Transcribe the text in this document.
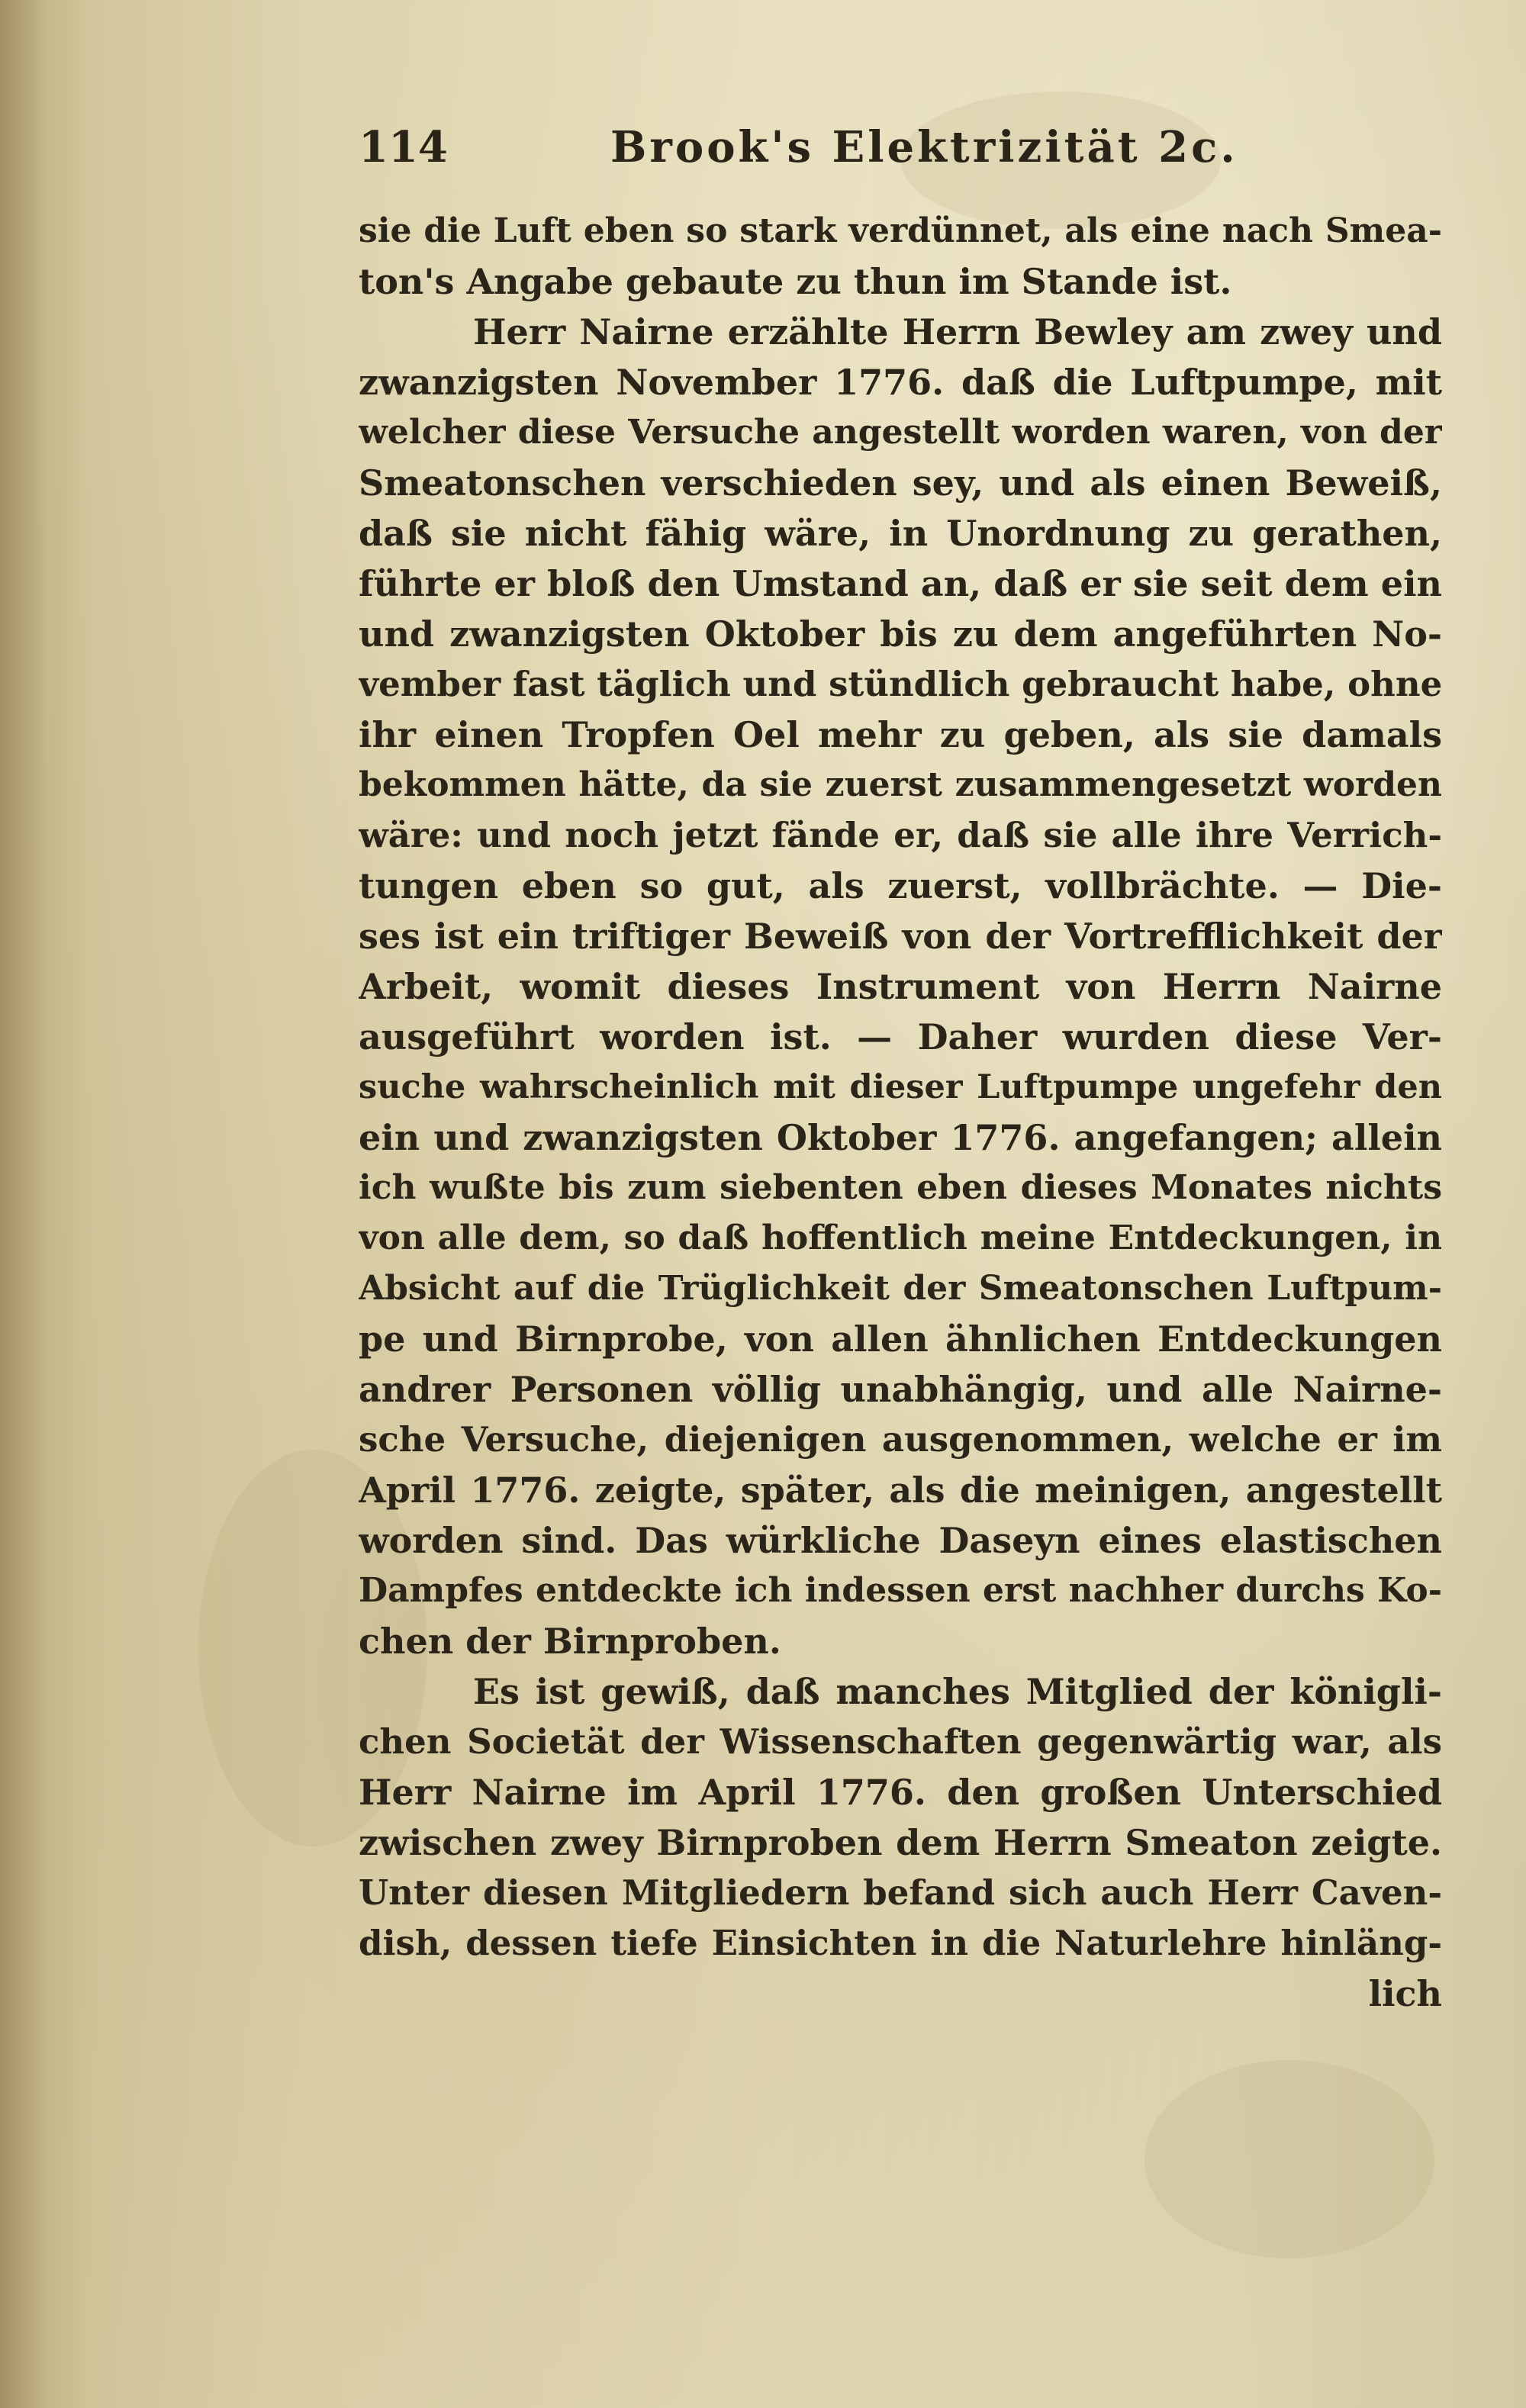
114	Brook's Elektrizität 2c.
sie die Luft eben so stark verdünnet, als eine nach Smea-
ton's Angabe gebaute zu thun im Stande ist.
Herr Nairne erzählte Herrn Bewley am zwey und
zwanzigsten November 1776. daß die Luftpumpe, mit
welcher diese Versuche angestellt worden waren, von der
Smeatonschen verschieden sey, und als einen Beweiß,
daß sie nicht fähig wäre, in Unordnung zu gerathen,
führte er bloß den Umstand an, daß er sie seit dem ein
und zwanzigsten Oktober bis zu dem angeführten No-
vember fast täglich und stündlich gebraucht habe, ohne
ihr einen Tropfen Oel mehr zu geben, als sie damals
bekommen hätte, da sie zuerst zusammengesetzt worden
wäre: und noch jetzt fände er, daß sie alle ihre Verrich-
tungen eben so gut, als zuerst, vollbrächte. — Die-
ses ist ein triftiger Beweiß von der Vortrefflichkeit der
Arbeit, womit dieses Instrument von Herrn Nairne
ausgeführt worden ist. — Daher wurden diese Ver-
suche wahrscheinlich mit dieser Luftpumpe ungefehr den
ein und zwanzigsten Oktober 1776. angefangen; allein
ich wußte bis zum siebenten eben dieses Monates nichts
von alle dem, so daß hoffentlich meine Entdeckungen, in
Absicht auf die Trüglichkeit der Smeatonschen Luftpum-
pe und Birnprobe, von allen ähnlichen Entdeckungen
andrer Personen völlig unabhängig, und alle Nairne-
sche Versuche, diejenigen ausgenommen, welche er im
April 1776. zeigte, später, als die meinigen, angestellt
worden sind. Das würkliche Daseyn eines elastischen
Dampfes entdeckte ich indessen erst nachher durchs Ko-
chen der Birnproben.
Es ist gewiß, daß manches Mitglied der königli-
chen Societät der Wissenschaften gegenwärtig war, als
Herr Nairne im April 1776. den großen Unterschied
zwischen zwey Birnproben dem Herrn Smeaton zeigte.
Unter diesen Mitgliedern befand sich auch Herr Caven-
dish, dessen tiefe Einsichten in die Naturlehre hinläng-
lich
